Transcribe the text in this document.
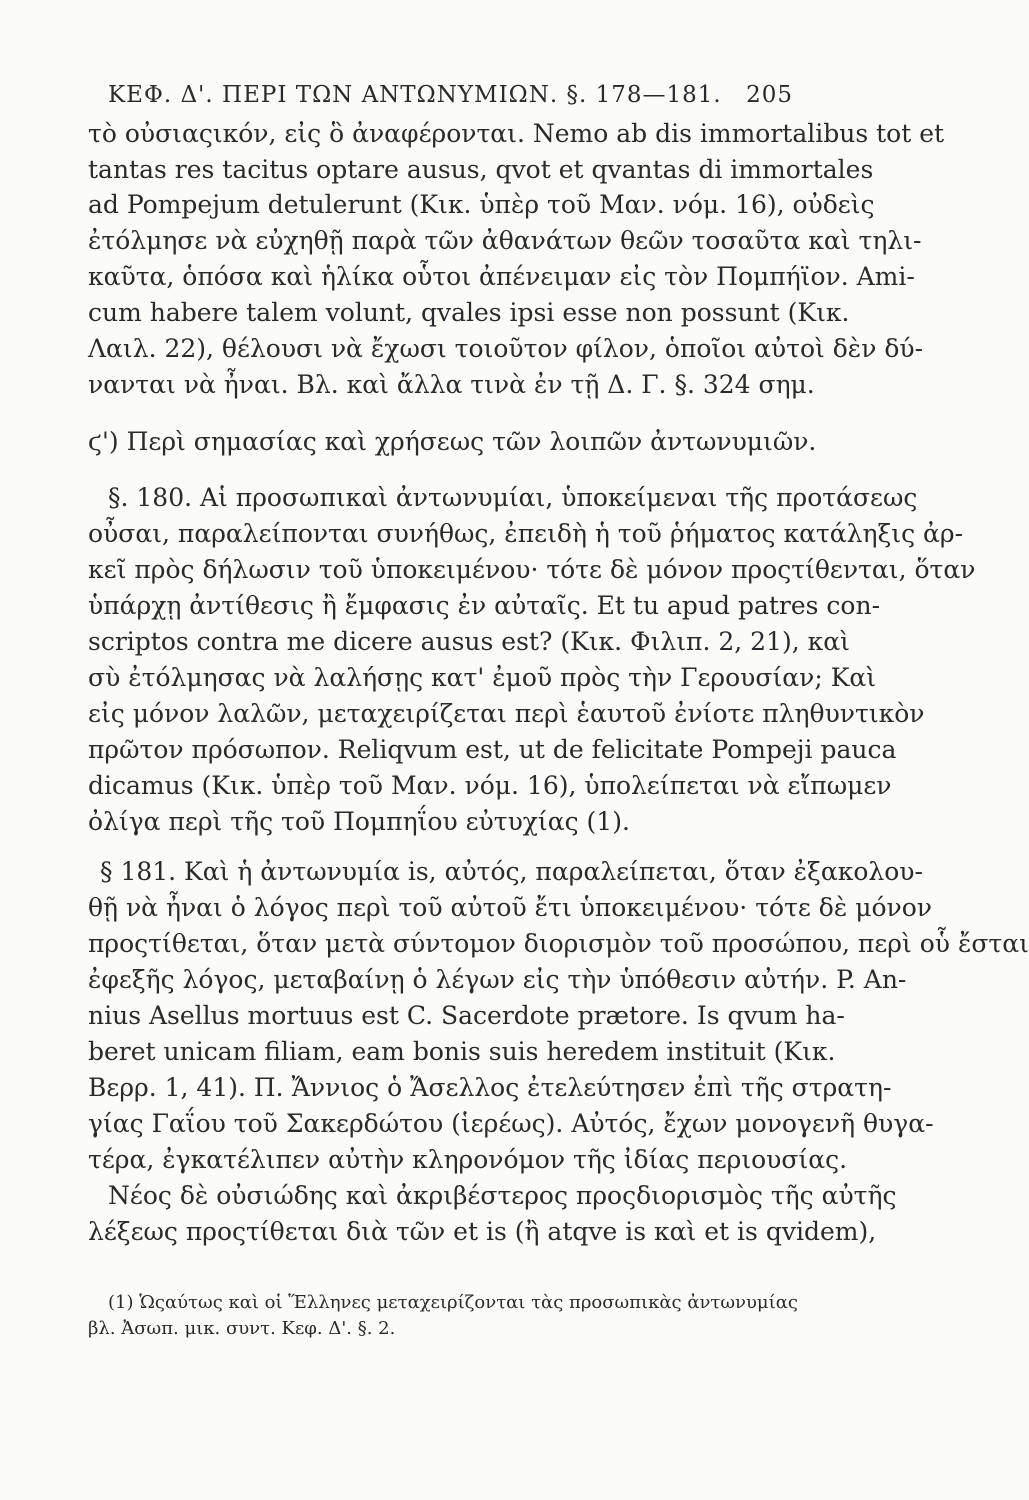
ΚΕΦ. Δ'. ΠΕΡΙ ΤΩΝ ΑΝΤΩΝΥΜΙΩΝ. §. 178—181. 205
τὸ οὐσιαςικόν, εἰς ὃ ἀναφέρονται. Nemo ab dis immortalibus tot et
tantas res tacitus optare ausus, qvot et qvantas di immortales
ad Pompejum detulerunt (Κικ. ὑπὲρ τοῦ Μαν. νόμ. 16), οὐδεὶς
ἐτόλμησε νὰ εὐχηθῇ παρὰ τῶν ἀθανάτων θεῶν τοσαῦτα καὶ τηλι-
καῦτα, ὁπόσα καὶ ἡλίκα οὗτοι ἀπένειμαν εἰς τὸν Πομπήϊον. Ami-
cum habere talem volunt, qvales ipsi esse non possunt (Κικ.
Λαιλ. 22), θέλουσι νὰ ἔχωσι τοιοῦτον φίλον, ὁποῖοι αὐτοὶ δὲν δύ-
νανται νὰ ἦναι. Βλ. καὶ ἄλλα τινὰ ἐν τῇ Δ. Γ. §. 324 σημ.
ϛ') Περὶ σημασίας καὶ χρήσεως τῶν λοιπῶν ἀντωνυμιῶν.
§. 180. Αἱ προσωπικαὶ ἀντωνυμίαι, ὑποκείμεναι τῆς προτάσεως
οὖσαι, παραλείπονται συνήθως, ἐπειδὴ ἡ τοῦ ῥήματος κατάληξις ἀρ-
κεῖ πρὸς δήλωσιν τοῦ ὑποκειμένου· τότε δὲ μόνον προςτίθενται, ὅταν
ὑπάρχῃ ἀντίθεσις ἢ ἔμφασις ἐν αὐταῖς. Et tu apud patres con-
scriptos contra me dicere ausus est? (Κικ. Φιλιπ. 2, 21), καὶ
σὺ ἐτόλμησας νὰ λαλήσῃς κατ' ἐμοῦ πρὸς τὴν Γερουσίαν; Καὶ
εἰς μόνον λαλῶν, μεταχειρίζεται περὶ ἑαυτοῦ ἐνίοτε πληθυντικὸν
πρῶτον πρόσωπον. Reliqvum est, ut de felicitate Pompeji pauca
dicamus (Κικ. ὑπὲρ τοῦ Μαν. νόμ. 16), ὑπολείπεται νὰ εἴπωμεν
ὀλίγα περὶ τῆς τοῦ Πομπηΐου εὐτυχίας (1).
§ 181. Καὶ ἡ ἀντωνυμία is, αὐτός, παραλείπεται, ὅταν ἐξακολου-
θῇ νὰ ἦναι ὁ λόγος περὶ τοῦ αὐτοῦ ἔτι ὑποκειμένου· τότε δὲ μόνον
προςτίθεται, ὅταν μετὰ σύντομον διορισμὸν τοῦ προσώπου, περὶ οὗ ἔσται
ἐφεξῆς λόγος, μεταβαίνῃ ὁ λέγων εἰς τὴν ὑπόθεσιν αὐτήν. P. An-
nius Asellus mortuus est C. Sacerdote prætore. Is qvum ha-
beret unicam filiam, eam bonis suis heredem instituit (Κικ.
Βερρ. 1, 41). Π. Ἄννιος ὁ Ἄσελλος ἐτελεύτησεν ἐπὶ τῆς στρατη-
γίας Γαΐου τοῦ Σακερδώτου (ἱερέως). Αὐτός, ἔχων μονογενῆ θυγα-
τέρα, ἐγκατέλιπεν αὐτὴν κληρονόμον τῆς ἰδίας περιουσίας.
Νέος δὲ οὐσιώδης καὶ ἀκριβέστερος προςδιορισμὸς τῆς αὐτῆς
λέξεως προςτίθεται διὰ τῶν et is (ἢ atqve is καὶ et is qvidem),
(1) Ὡςαύτως καὶ οἱ Ἕλληνες μεταχειρίζονται τὰς προσωπικὰς ἀντωνυμίας
βλ. Ἀσωπ. μικ. συντ. Κεφ. Δ'. §. 2.
